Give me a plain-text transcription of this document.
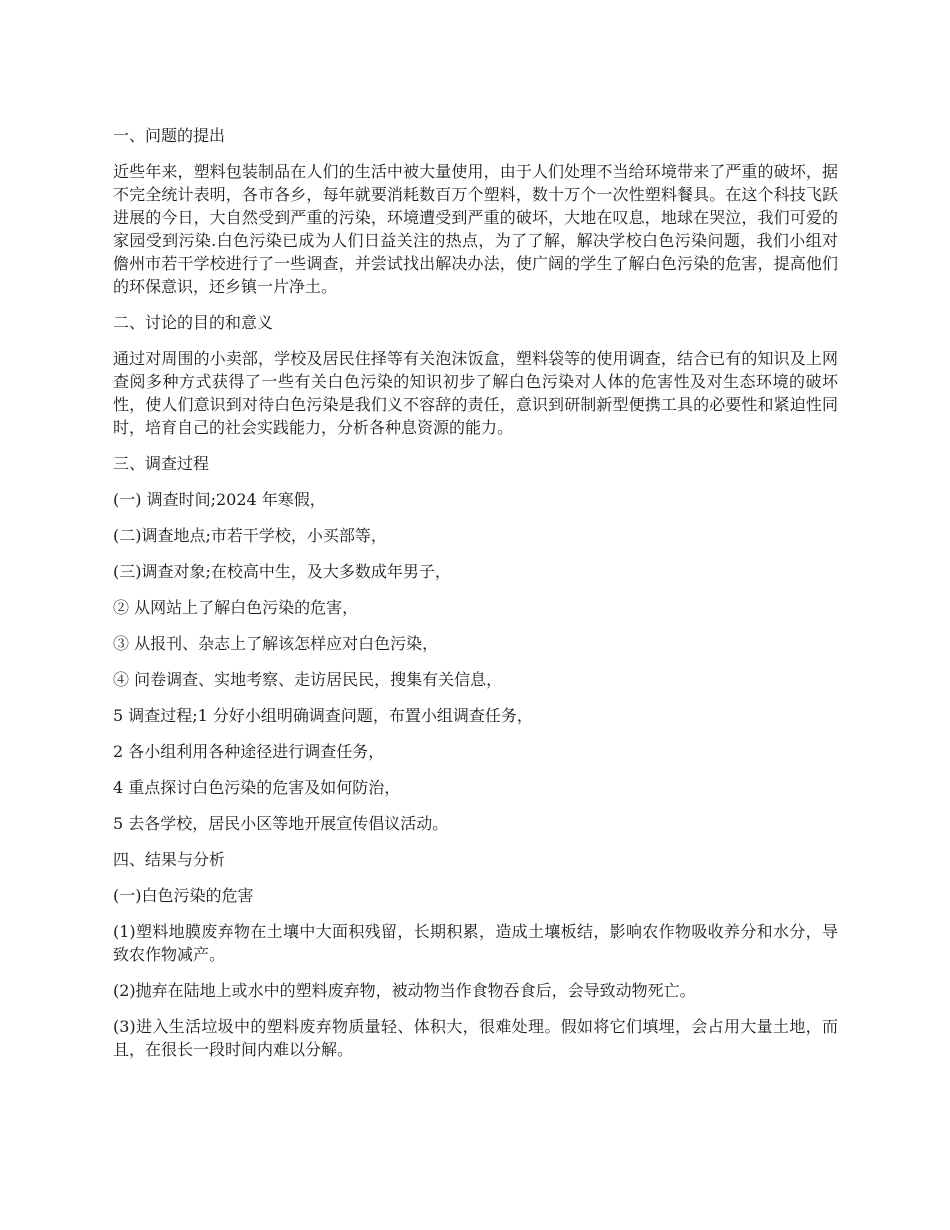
一、问题的提出

近些年来，塑料包装制品在人们的生活中被大量使用，由于人们处理不当给环境带来了严重的破坏，据不完全统计表明，各市各乡，每年就要消耗数百万个塑料，数十万个一次性塑料餐具。在这个科技飞跃进展的今日，大自然受到严重的污染，环境遭受到严重的破坏，大地在叹息，地球在哭泣，我们可爱的家园受到污染.白色污染已成为人们日益关注的热点，为了了解，解决学校白色污染问题，我们小组对儋州市若干学校进行了一些调查，并尝试找出解决办法，使广阔的学生了解白色污染的危害，提高他们的环保意识，还乡镇一片净土。

二、讨论的目的和意义

通过对周围的小卖部，学校及居民住择等有关泡沫饭盒，塑料袋等的使用调查，结合已有的知识及上网查阅多种方式获得了一些有关白色污染的知识初步了解白色污染对人体的危害性及对生态环境的破坏性，使人们意识到对待白色污染是我们义不容辞的责任，意识到研制新型便携工具的必要性和紧迫性同时，培育自己的社会实践能力，分析各种息资源的能力。

三、调查过程

(一) 调查时间;2024 年寒假，

(二)调查地点;市若干学校，小买部等，

(三)调查对象;在校高中生，及大多数成年男子，

② 从网站上了解白色污染的危害，

③ 从报刊、杂志上了解该怎样应对白色污染，

④ 问卷调查、实地考察、走访居民民，搜集有关信息，

5 调查过程;1 分好小组明确调查问题，布置小组调查任务，

2 各小组利用各种途径进行调查任务，

4 重点探讨白色污染的危害及如何防治，

5 去各学校，居民小区等地开展宣传倡议活动。

四、结果与分析

(一)白色污染的危害

(1)塑料地膜废弃物在土壤中大面积残留，长期积累，造成土壤板结，影响农作物吸收养分和水分，导致农作物减产。

(2)抛弃在陆地上或水中的塑料废弃物，被动物当作食物吞食后，会导致动物死亡。

(3)进入生活垃圾中的塑料废弃物质量轻、体积大，很难处理。假如将它们填埋，会占用大量土地，而且，在很长一段时间内难以分解。
